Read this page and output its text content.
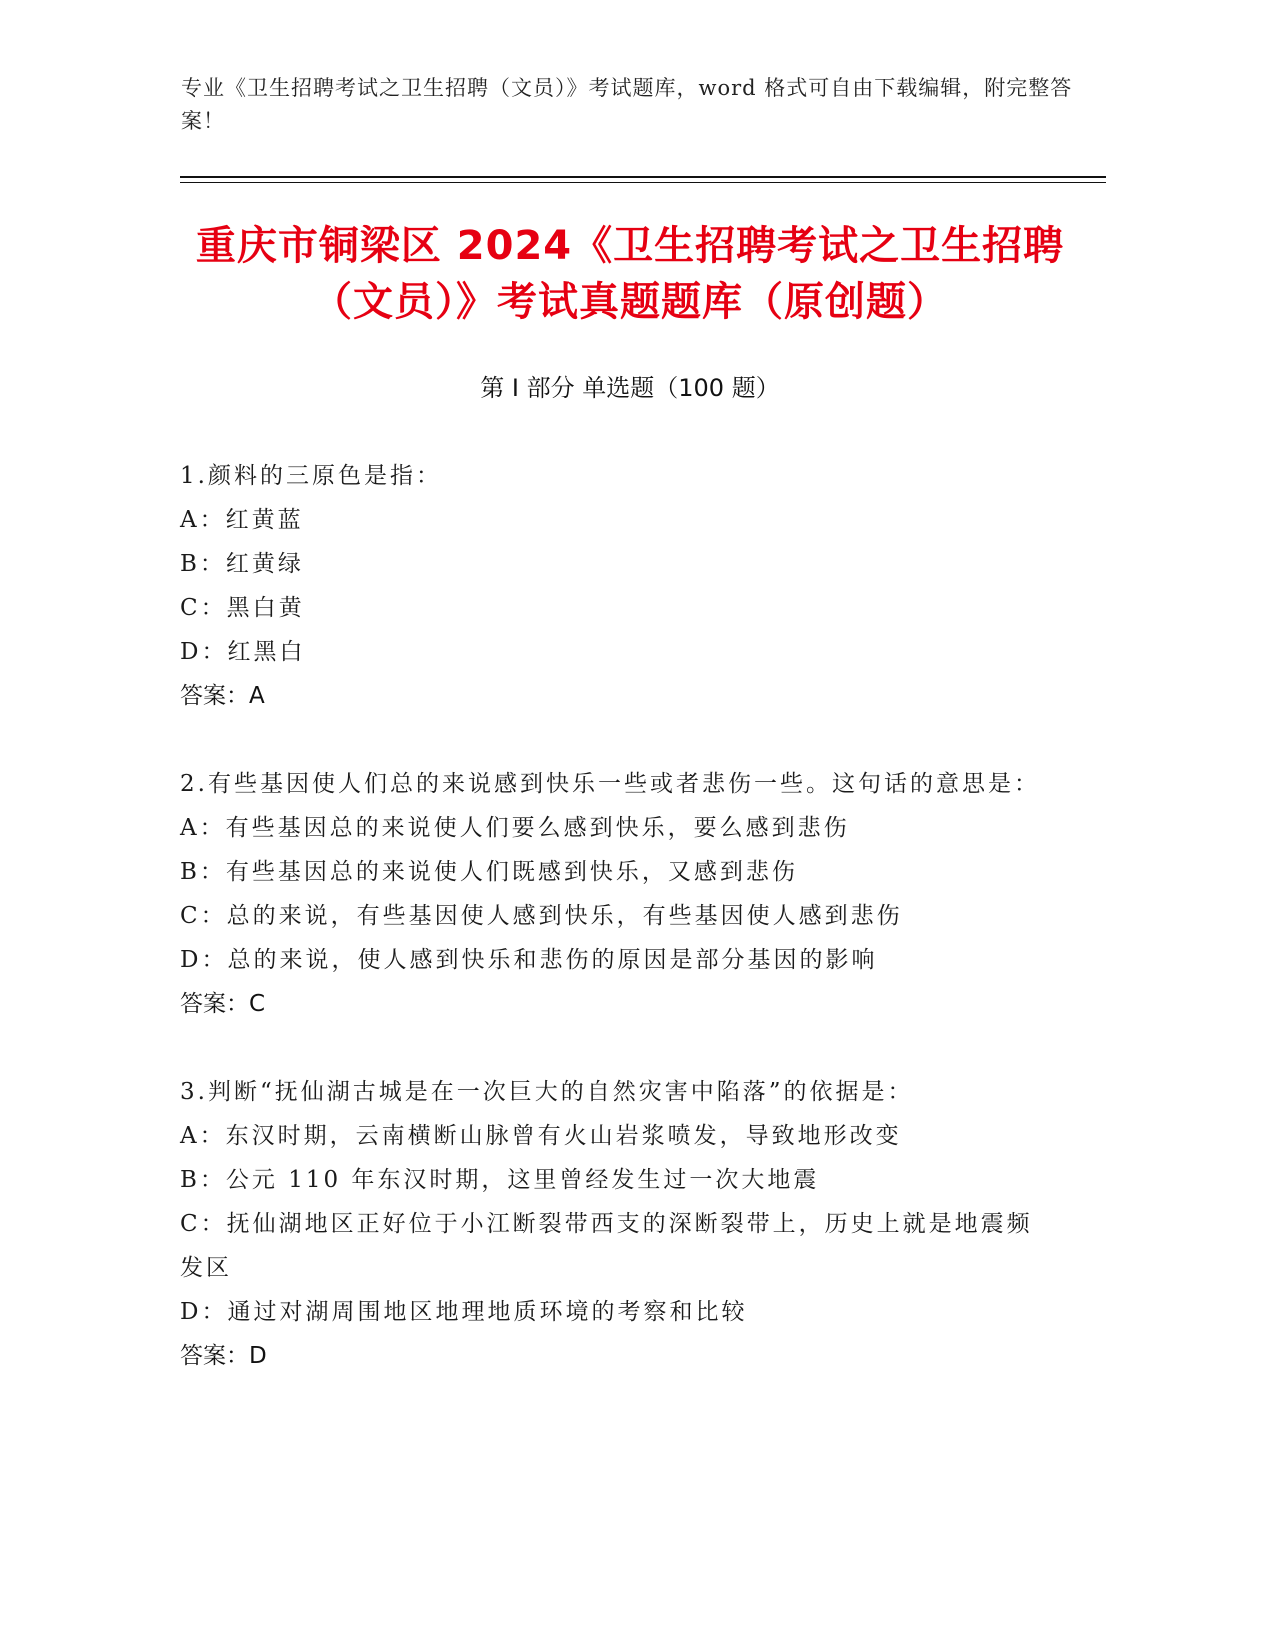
专业《卫生招聘考试之卫生招聘（文员）》考试题库，word 格式可自由下载编辑，附完整答案！
重庆市铜梁区 2024《卫生招聘考试之卫生招聘（文员）》考试真题题库（原创题）
第 I 部分 单选题（100 题）
1.颜料的三原色是指：
A：红黄蓝
B：红黄绿
C：黑白黄
D：红黑白
答案：A
2.有些基因使人们总的来说感到快乐一些或者悲伤一些。这句话的意思是：
A：有些基因总的来说使人们要么感到快乐，要么感到悲伤
B：有些基因总的来说使人们既感到快乐，又感到悲伤
C：总的来说，有些基因使人感到快乐，有些基因使人感到悲伤
D：总的来说，使人感到快乐和悲伤的原因是部分基因的影响
答案：C
3.判断“抚仙湖古城是在一次巨大的自然灾害中陷落”的依据是：
A：东汉时期，云南横断山脉曾有火山岩浆喷发，导致地形改变
B：公元 110 年东汉时期，这里曾经发生过一次大地震
C：抚仙湖地区正好位于小江断裂带西支的深断裂带上，历史上就是地震频发区
D：通过对湖周围地区地理地质环境的考察和比较
答案：D
